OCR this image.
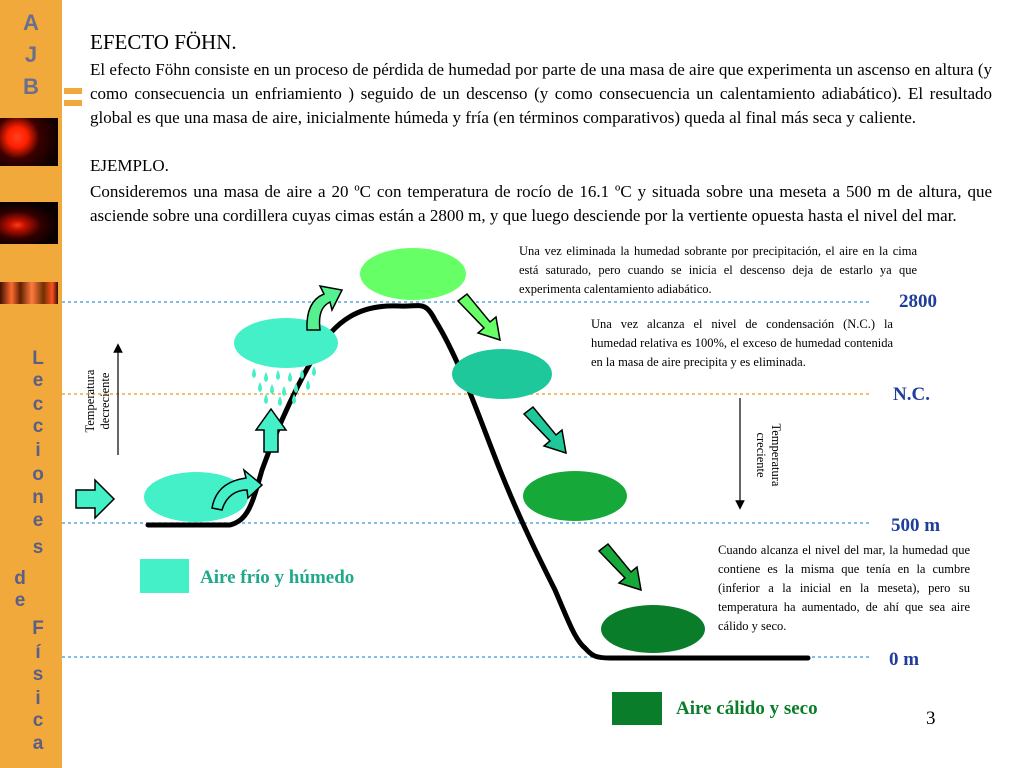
A
J
B
L
e
c
c
i
o
n
e
s
d
e
F
í
s
i
c
a
EFECTO FÖHN.
El efecto Föhn consiste en un proceso de pérdida de humedad por parte de una masa de aire que experimenta un ascenso en altura (y como consecuencia un enfriamiento ) seguido de un descenso (y como consecuencia un calentamiento adiabático). El resultado global es que una masa de aire, inicialmente húmeda y fría (en términos comparativos) queda al final más seca y caliente.
EJEMPLO.
Consideremos una masa de aire a 20 ºC con temperatura de rocío de 16.1 ºC y situada sobre una meseta a 500 m de altura, que asciende sobre una cordillera cuyas cimas están a 2800 m, y que luego desciende por la vertiente opuesta hasta el nivel del mar.
Una vez eliminada la humedad sobrante por precipitación, el aire en la cima está saturado, pero cuando se inicia el descenso deja de estarlo ya que experimenta calentamiento adiabático.
Una vez alcanza el nivel de condensación (N.C.) la humedad relativa es 100%, el exceso de humedad contenida en la masa de aire precipita y es eliminada.
Cuando alcanza el nivel del mar, la humedad que contiene es la misma que tenía en la cumbre (inferior a la inicial en la meseta), pero su temperatura ha aumentado, de ahí que sea aire cálido y seco.
2800
N.C.
500 m
0 m
Temperatura decreciente
Temperatura
creciente
Aire frío y húmedo
Aire cálido y seco	3
